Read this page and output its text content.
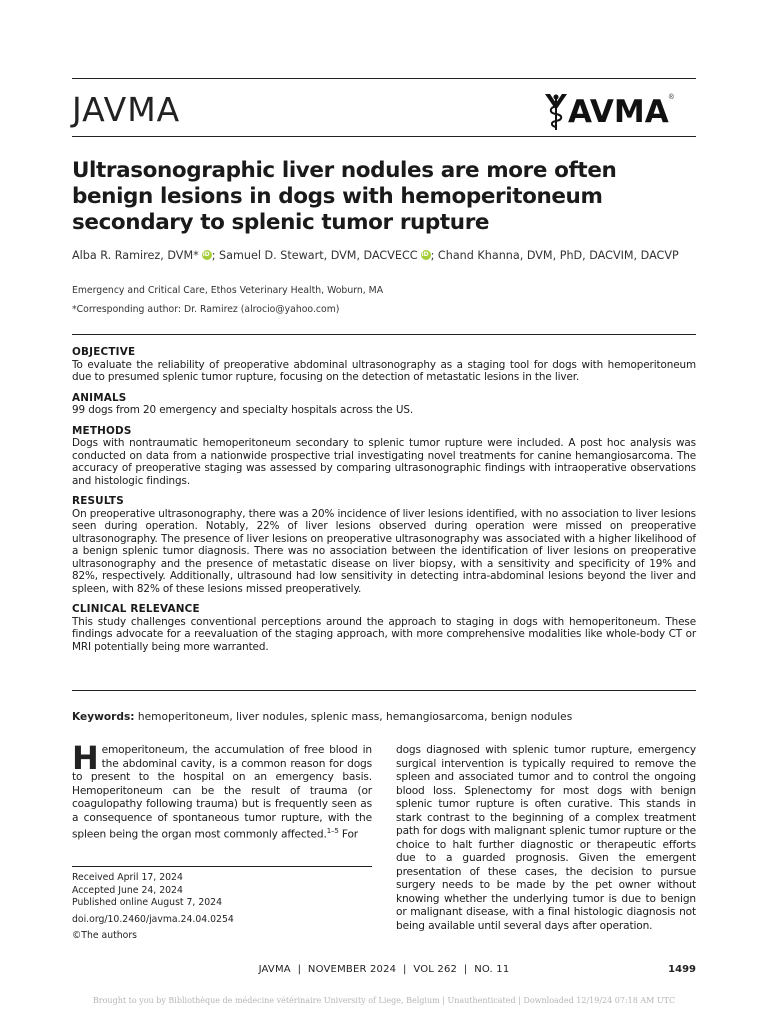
JAVMA	AVMA ®
Ultrasonographic liver nodules are more often benign lesions in dogs with hemoperitoneum secondary to splenic tumor rupture
Alba R. Ramirez, DVM* iD ; Samuel D. Stewart, DVM, DACVECC iD ; Chand Khanna, DVM, PhD, DACVIM, DACVP
Emergency and Critical Care, Ethos Veterinary Health, Woburn, MA
*Corresponding author: Dr. Ramirez (alrocio@yahoo.com)
OBJECTIVE

To evaluate the reliability of preoperative abdominal ultrasonography as a staging tool for dogs with hemoperitoneum due to presumed splenic tumor rupture, focusing on the detection of metastatic lesions in the liver.

ANIMALS

99 dogs from 20 emergency and specialty hospitals across the US.

METHODS

Dogs with nontraumatic hemoperitoneum secondary to splenic tumor rupture were included. A post hoc analysis was conducted on data from a nationwide prospective trial investigating novel treatments for canine hemangiosarcoma. The accuracy of preoperative staging was assessed by comparing ultrasonographic findings with intraoperative observations and histologic findings.

RESULTS

On preoperative ultrasonography, there was a 20% incidence of liver lesions identified, with no association to liver lesions seen during operation. Notably, 22% of liver lesions observed during operation were missed on preoperative ultrasonography. The presence of liver lesions on preoperative ultrasonography was associated with a higher likelihood of a benign splenic tumor diagnosis. There was no association between the identification of liver lesions on preoperative ultrasonography and the presence of metastatic disease on liver biopsy, with a sensitivity and specificity of 19% and 82%, respectively. Additionally, ultrasound had low sensitivity in detecting intra-abdominal lesions beyond the liver and spleen, with 82% of these lesions missed preoperatively.

CLINICAL RELEVANCE

This study challenges conventional perceptions around the approach to staging in dogs with hemoperitoneum. These findings advocate for a reevaluation of the staging approach, with more comprehensive modalities like whole-body CT or MRI potentially being more warranted.

Keywords: hemoperitoneum, liver nodules, splenic mass, hemangiosarcoma, benign nodules
Hemoperitoneum, the accumulation of free blood in the abdominal cavity, is a common reason for dogs to present to the hospital on an emergency basis. Hemoperitoneum can be the result of trauma (or coagulopathy following trauma) but is frequently seen as a consequence of spontaneous tumor rupture, with the spleen being the organ most commonly affected.$^{1-5}$ For
Received April 17, 2024
Accepted June 24, 2024
Published online August 7, 2024
doi.org/10.2460/javma.24.04.0254
©The authors
dogs diagnosed with splenic tumor rupture, emergency surgical intervention is typically required to remove the spleen and associated tumor and to control the ongoing blood loss. Splenectomy for most dogs with benign splenic tumor rupture is often curative. This stands in stark contrast to the beginning of a complex treatment path for dogs with malignant splenic tumor rupture or the choice to halt further diagnostic or therapeutic efforts due to a guarded prognosis. Given the emergent presentation of these cases, the decision to pursue surgery needs to be made by the pet owner without knowing whether the underlying tumor is due to benign or malignant disease, with a final histologic diagnosis not being available until several days after operation.
JAVMA  |  NOVEMBER 2024  |  VOL 262  |  NO. 11	1499
Brought to you by Bibliothèque de médecine vétérinaire University of Liege, Belgium | Unauthenticated | Downloaded 12/19/24 07:18 AM UTC
